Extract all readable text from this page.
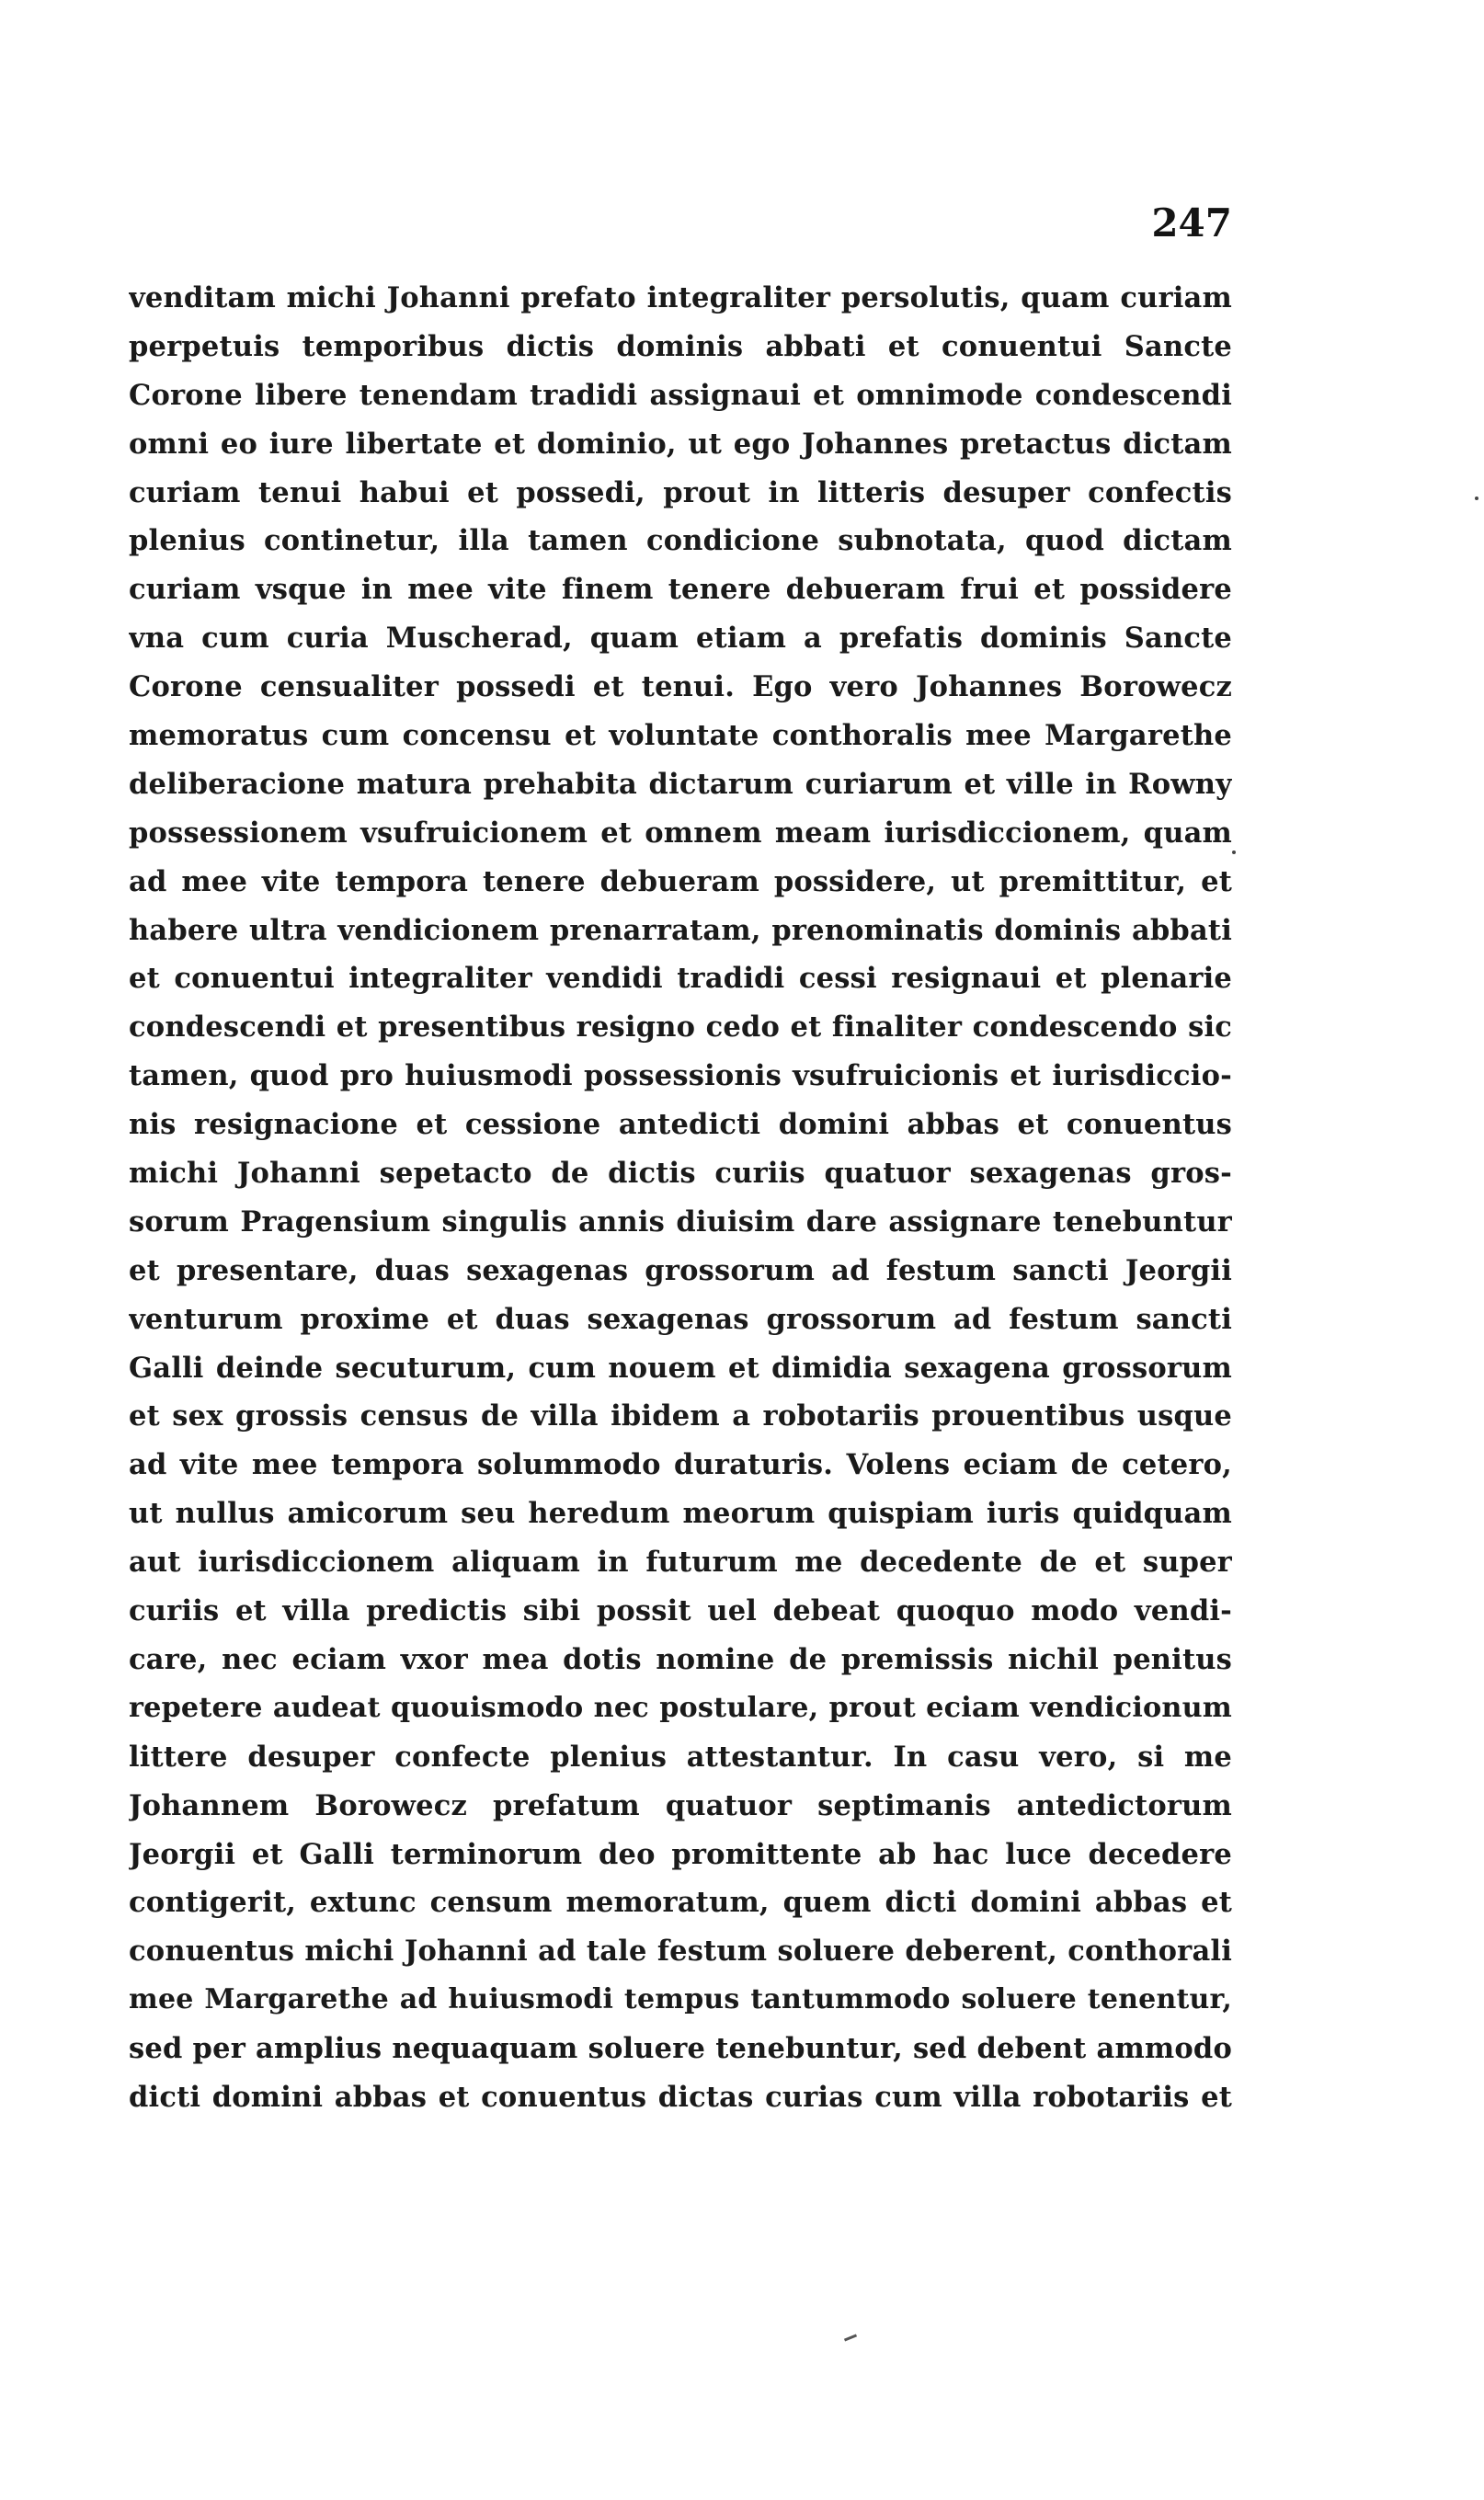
247

venditam michi Johanni prefato integraliter persolutis, quam curiam

perpetuis temporibus dictis dominis abbati et conuentui Sancte

Corone libere tenendam tradidi assignaui et omnimode condescendi

omni eo iure libertate et dominio, ut ego Johannes pretactus dictam

curiam tenui habui et possedi, prout in litteris desuper confectis

plenius continetur, illa tamen condicione subnotata, quod dictam

curiam vsque in mee vite finem tenere debueram frui et possidere

vna cum curia Muscherad, quam etiam a prefatis dominis Sancte

Corone censualiter possedi et tenui. Ego vero Johannes Borowecz

memoratus cum concensu et voluntate conthoralis mee Margarethe

deliberacione matura prehabita dictarum curiarum et ville in Rowny

possessionem vsufruicionem et omnem meam iurisdiccionem, quam

ad mee vite tempora tenere debueram possidere, ut premittitur, et

habere ultra vendicionem prenarratam, prenominatis dominis abbati

et conuentui integraliter vendidi tradidi cessi resignaui et plenarie

condescendi et presentibus resigno cedo et finaliter condescendo sic

tamen, quod pro huiusmodi possessionis vsufruicionis et iurisdiccio-

nis resignacione et cessione antedicti domini abbas et conuentus

michi Johanni sepetacto de dictis curiis quatuor sexagenas gros-

sorum Pragensium singulis annis diuisim dare assignare tenebuntur

et presentare, duas sexagenas grossorum ad festum sancti Jeorgii

venturum proxime et duas sexagenas grossorum ad festum sancti

Galli deinde secuturum, cum nouem et dimidia sexagena grossorum

et sex grossis census de villa ibidem a robotariis prouentibus usque

ad vite mee tempora solummodo duraturis. Volens eciam de cetero,

ut nullus amicorum seu heredum meorum quispiam iuris quidquam

aut iurisdiccionem aliquam in futurum me decedente de et super

curiis et villa predictis sibi possit uel debeat quoquo modo vendi-

care, nec eciam vxor mea dotis nomine de premissis nichil penitus

repetere audeat quouismodo nec postulare, prout eciam vendicionum

littere desuper confecte plenius attestantur. In casu vero, si me

Johannem Borowecz prefatum quatuor septimanis antedictorum

Jeorgii et Galli terminorum deo promittente ab hac luce decedere

contigerit, extunc censum memoratum, quem dicti domini abbas et

conuentus michi Johanni ad tale festum soluere deberent, conthorali

mee Margarethe ad huiusmodi tempus tantummodo soluere tenentur,

sed per amplius nequaquam soluere tenebuntur, sed debent ammodo

dicti domini abbas et conuentus dictas curias cum villa robotariis et
